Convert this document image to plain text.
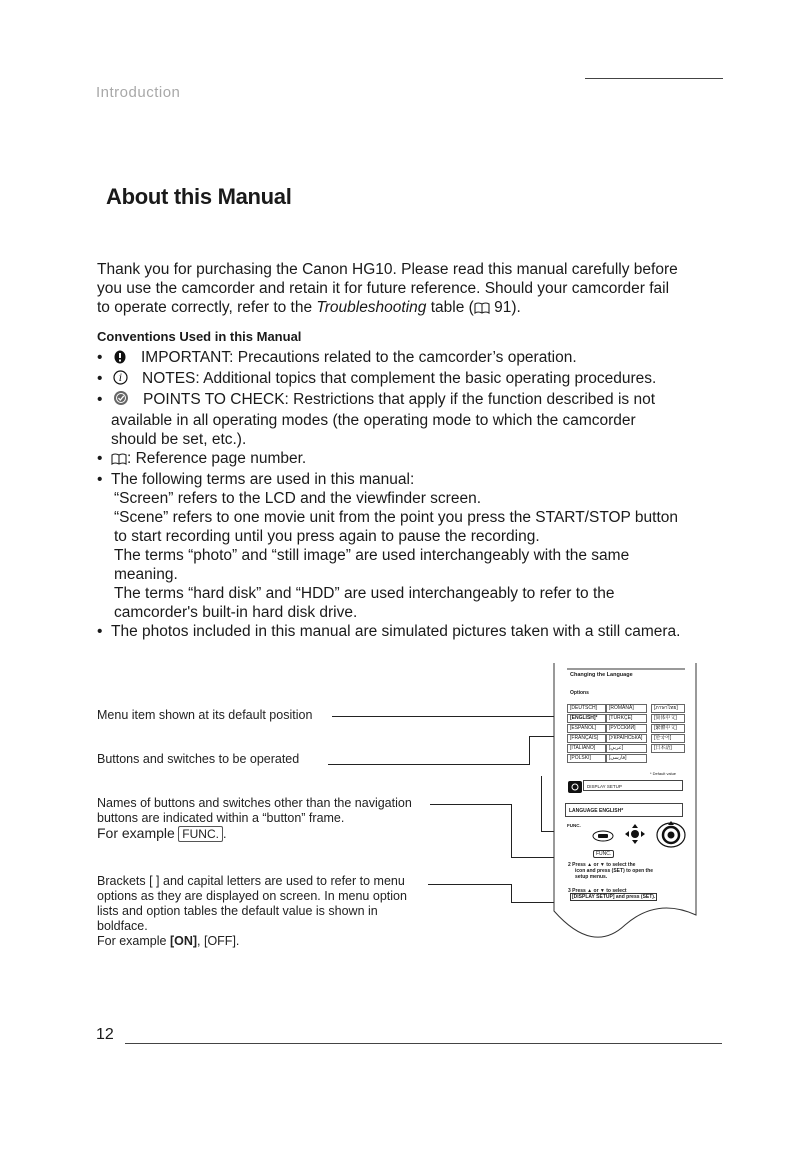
Introduction
About this Manual
Thank you for purchasing the Canon HG10. Please read this manual carefully before
you use the camcorder and retain it for future reference. Should your camcorder fail
to operate correctly, refer to the Troubleshooting table ( 91).
Conventions Used in this Manual
• IMPORTANT: Precautions related to the camcorder’s operation.
• i NOTES: Additional topics that complement the basic operating procedures.
• POINTS TO CHECK: Restrictions that apply if the function described is not
available in all operating modes (the operating mode to which the camcorder
should be set, etc.).
• : Reference page number.
• The following terms are used in this manual:
“Screen” refers to the LCD and the viewfinder screen.
“Scene” refers to one movie unit from the point you press the START/STOP button
to start recording until you press again to pause the recording.
The terms “photo” and “still image” are used interchangeably with the same
meaning.
The terms “hard disk” and “HDD” are used interchangeably to refer to the
camcorder's built-in hard disk drive.
• The photos included in this manual are simulated pictures taken with a still camera.
Menu item shown at its default position
Buttons and switches to be operated
Names of buttons and switches other than the navigation
buttons are indicated within a “button” frame.
For example FUNC. .
Brackets [ ] and capital letters are used to refer to menu
options as they are displayed on screen. In menu option
lists and option tables the default value is shown in
boldface.
For example [ON], [OFF].
Changing the Language
Options
[DEUTSCH]
[ENGLISH]*
[ESPAÑOL]
[FRANÇAIS]
[ITALIANO]
[POLSKI]
[ROMÂNĂ]
[TÜRKÇE]
[РУССКИЙ]
[УКРАЇНСЬКА]
[عربي]
[فارسی]
[ภาษาไทย]
[简体中文]
[繁體中文]
[한국어]
[日本語]
* Default value
DISPLAY SETUP
LANGUAGE ENGLISH*
FUNC.
FUNC.
2 Press ▲ or ▼ to select the
icon and press (SET) to open the
setup menus.
3 Press ▲ or ▼ to select
[DISPLAY SETUP] and press (SET).
12
